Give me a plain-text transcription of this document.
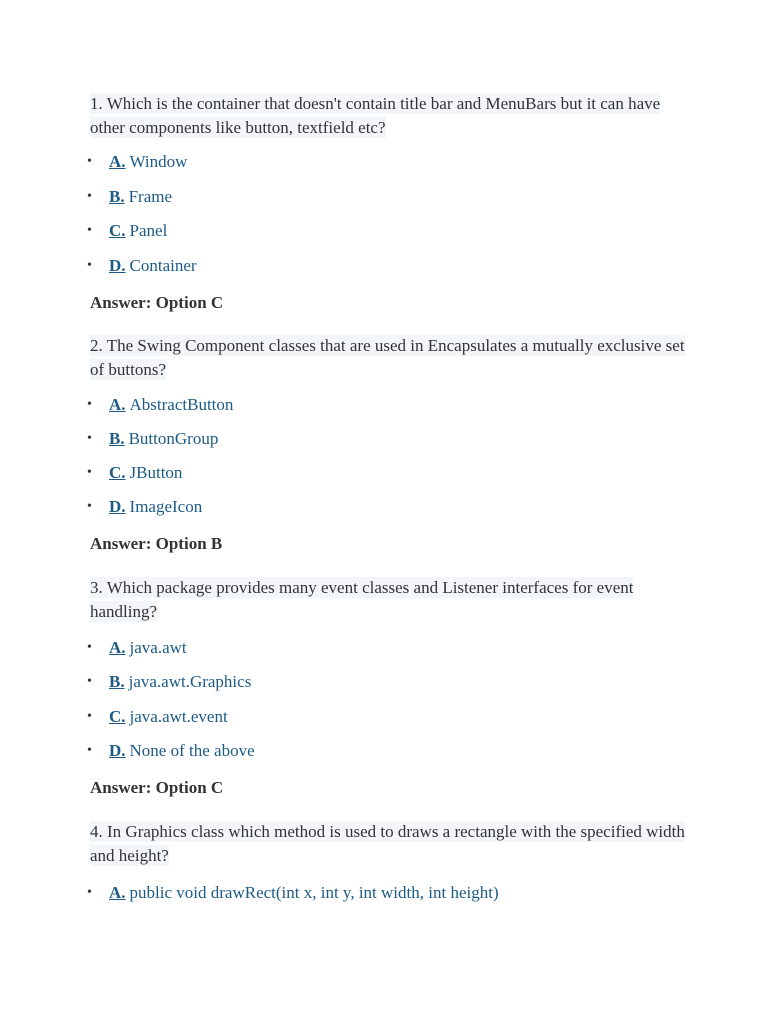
1. Which is the container that doesn't contain title bar and MenuBars but it can have other components like button, textfield etc?

• A. Window
• B. Frame
• C. Panel
• D. Container

Answer: Option C

2. The Swing Component classes that are used in Encapsulates a mutually exclusive set of buttons?

• A. AbstractButton
• B. ButtonGroup
• C. JButton
• D. ImageIcon

Answer: Option B

3. Which package provides many event classes and Listener interfaces for event handling?

• A. java.awt
• B. java.awt.Graphics
• C. java.awt.event
• D. None of the above

Answer: Option C

4. In Graphics class which method is used to draws a rectangle with the specified width and height?

• A. public void drawRect(int x, int y, int width, int height)
